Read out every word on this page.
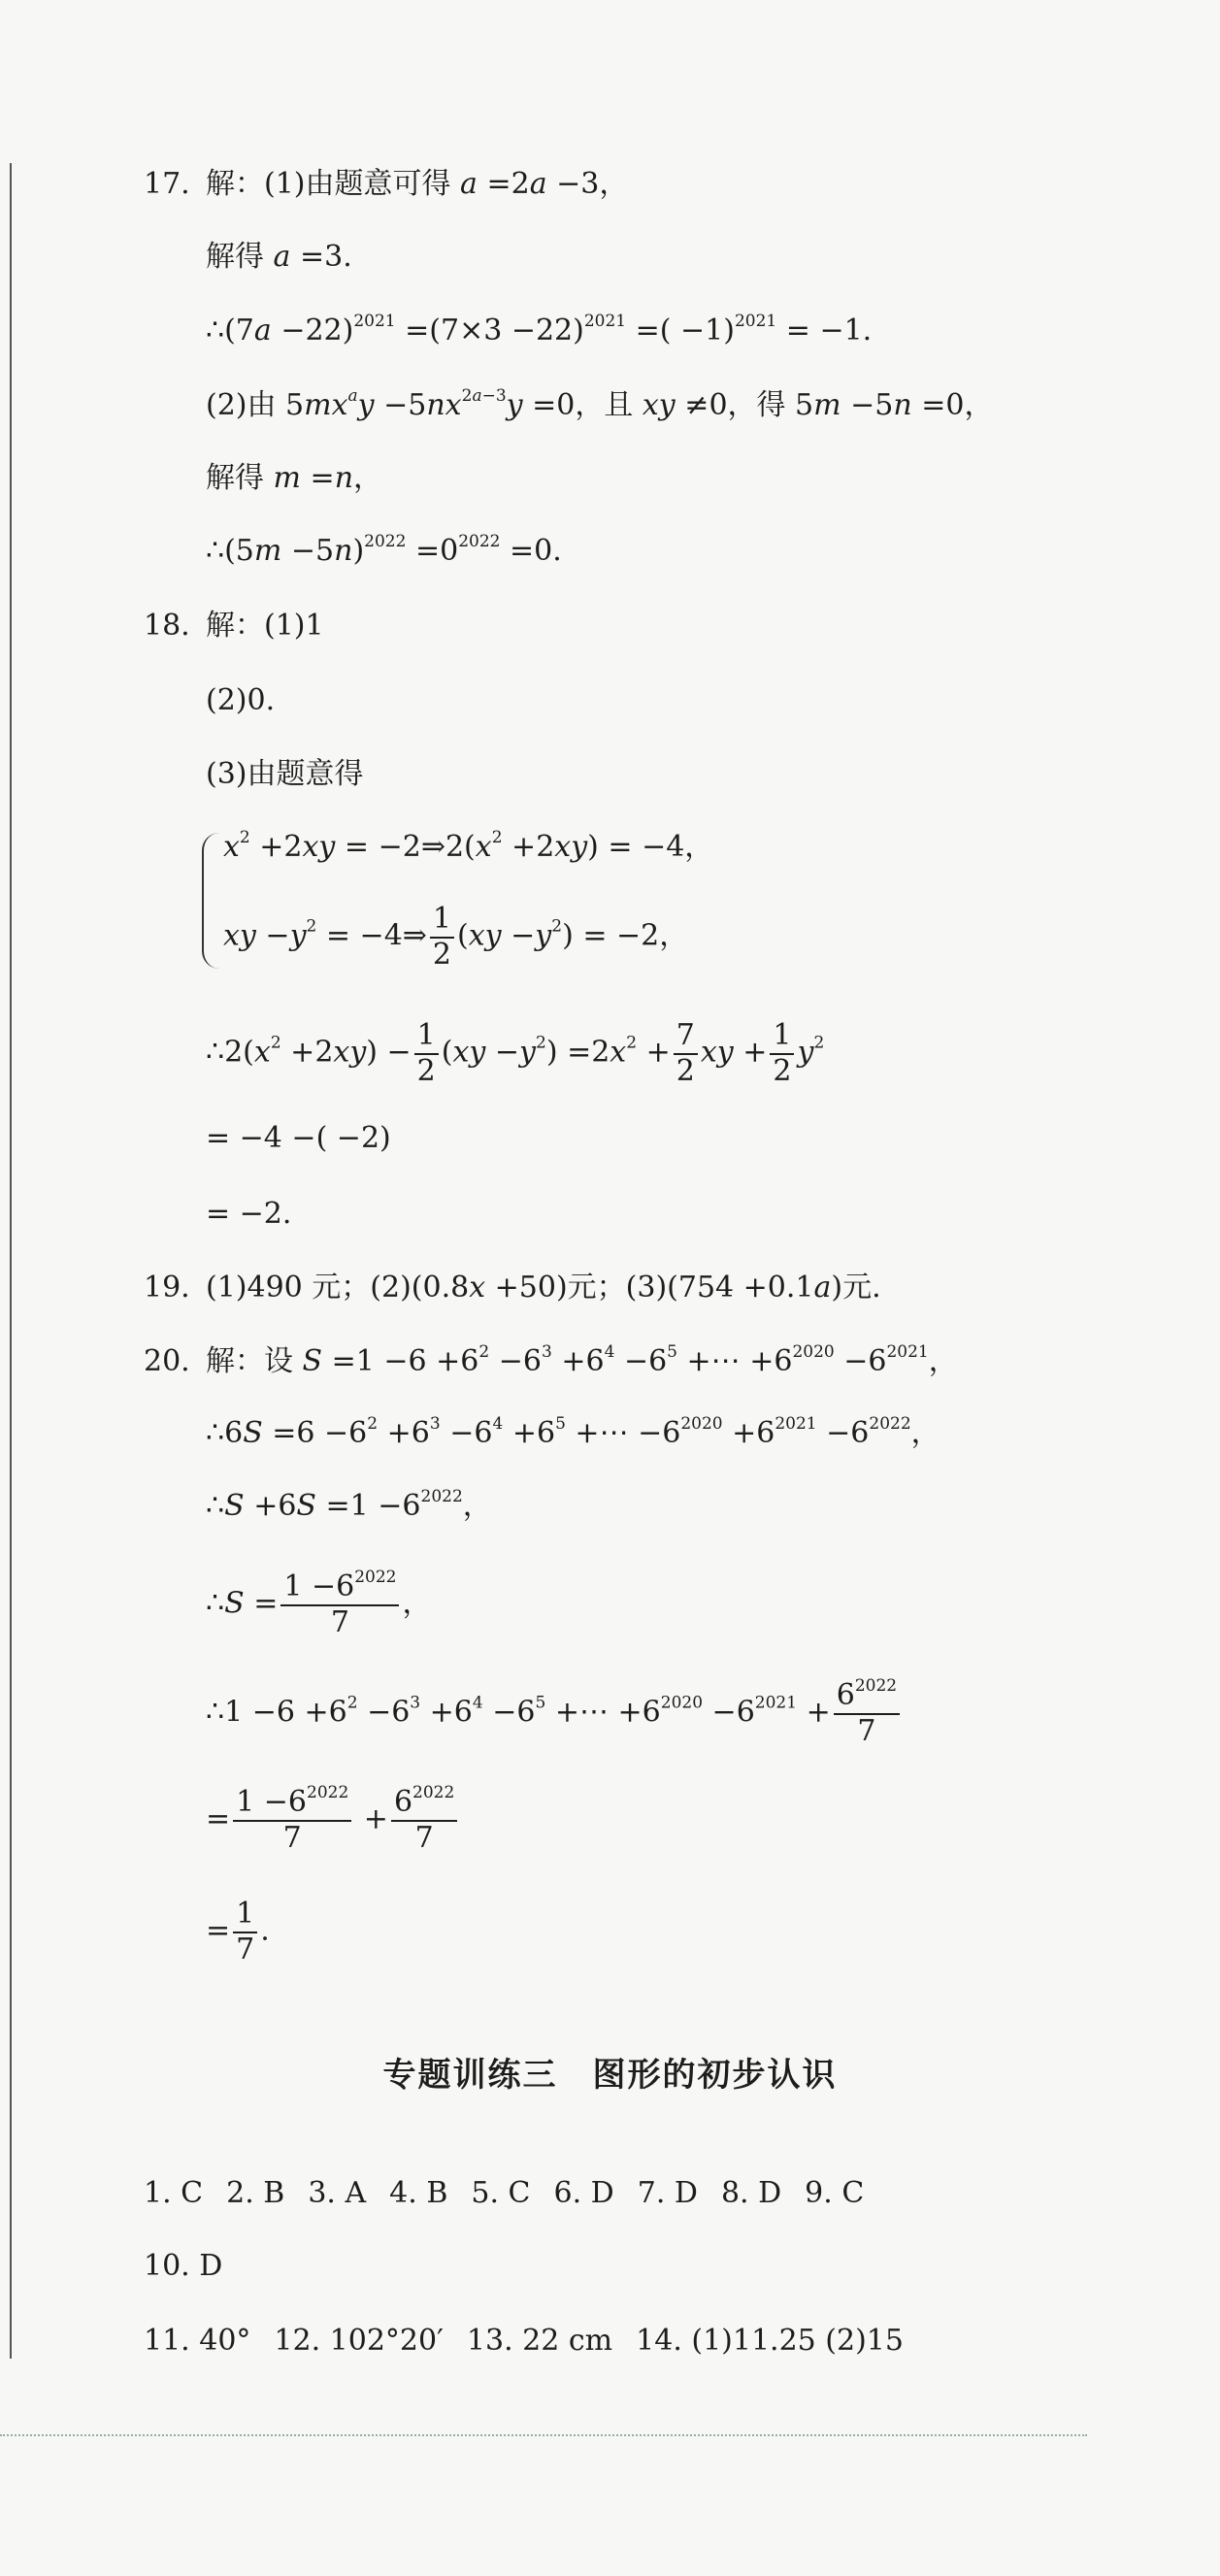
17. 解：(1)由题意可得 a =2a −3，
解得 a =3.
∴(7a $-22)^{2021} =(7\times 3 -22)^{2021}$ =( −1)$^{2021}$ = −1.
(2)由 $5mx^ay -5nx^{2a-3}y =0$，且 xy ≠0，得 5m −5n =0，
解得 m =n，
∴(5m $-5n)^{2022} =0^{2022} =0$.
18. 解：(1)1
(2)0.
(3)由题意得
$x^2 +2xy$ = $-2\Rightarrow 2(x^2 +2xy) = -4$，
xy $-y^2$ = −4⇒ $\frac{1}{2} (xy -y^2) = -2$，
$\therefore 2(x^2 +2xy) - \frac{1}{2} (xy -y^2) =2x^2 + \frac{7}{2}$ xy + $\frac{1}{2} y^2$
= −4 −( −2)
= −2.
19. (1)490 元；(2)(0.8x +50)元；(3)(754 +0.1a)元.
20. 解：设 $S =1 -6 +6^2 -6^3 +6^4 -6^5$ +⋯ $+6^{2020} -6^{2021}$，
∴6S $=6 -6^2 +6^3 -6^4 +6^5$ +⋯ $-6^{2020} +6^{2021} -6^{2022}$，
∴S $+6S =1 -6^{2022}$，
∴S = $\frac{1 -6^{2022}}{7}$ ，
∴1 $-6 +6^2 -6^3 +6^4 -6^5$ +⋯ $+6^{2020} -6^{2021} + \frac{6^{2022}}{7}$
= $\frac{1 -6^{2022}}{7} + \frac{6^{2022}}{7}$
= $\frac{1}{7}$ .
专题训练三　图形的初步认识
1. C 2. B 3. A 4. B 5. C 6. D 7. D 8. D 9. C
10. D
11. 40° 12. 102°20′ 13. 22 cm 14. (1)11.25 (2)15
